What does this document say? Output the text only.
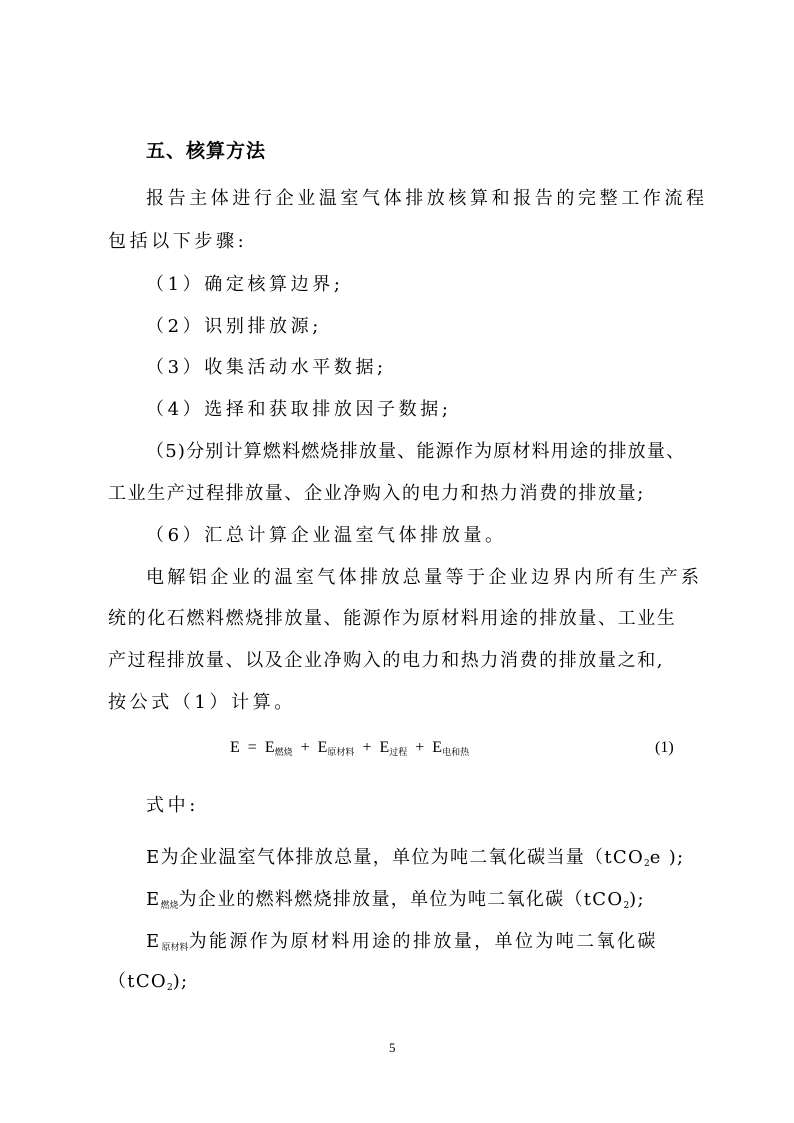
五、核算方法
报告主体进行企业温室气体排放核算和报告的完整工作流程
包括以下步骤:
（1）确定核算边界;
（2）识别排放源;
（3）收集活动水平数据;
（4）选择和获取排放因子数据;
（5)分别计算燃料燃烧排放量、能源作为原材料用途的排放量、
工业生产过程排放量、企业净购入的电力和热力消费的排放量;
（6）汇总计算企业温室气体排放量。
电解铝企业的温室气体排放总量等于企业边界内所有生产系
统的化石燃料燃烧排放量、能源作为原材料用途的排放量、工业生
产过程排放量、以及企业净购入的电力和热力消费的排放量之和,
按公式（1）计算。
E = E燃烧 + E原材料 + E过程 + E电和热	(1)
式中:
E为企业温室气体排放总量，单位为吨二氧化碳当量（tCO2e );
E燃烧为企业的燃料燃烧排放量，单位为吨二氧化碳（tCO2);
E原材料为能源作为原材料用途的排放量，单位为吨二氧化碳
（tCO2);
5
